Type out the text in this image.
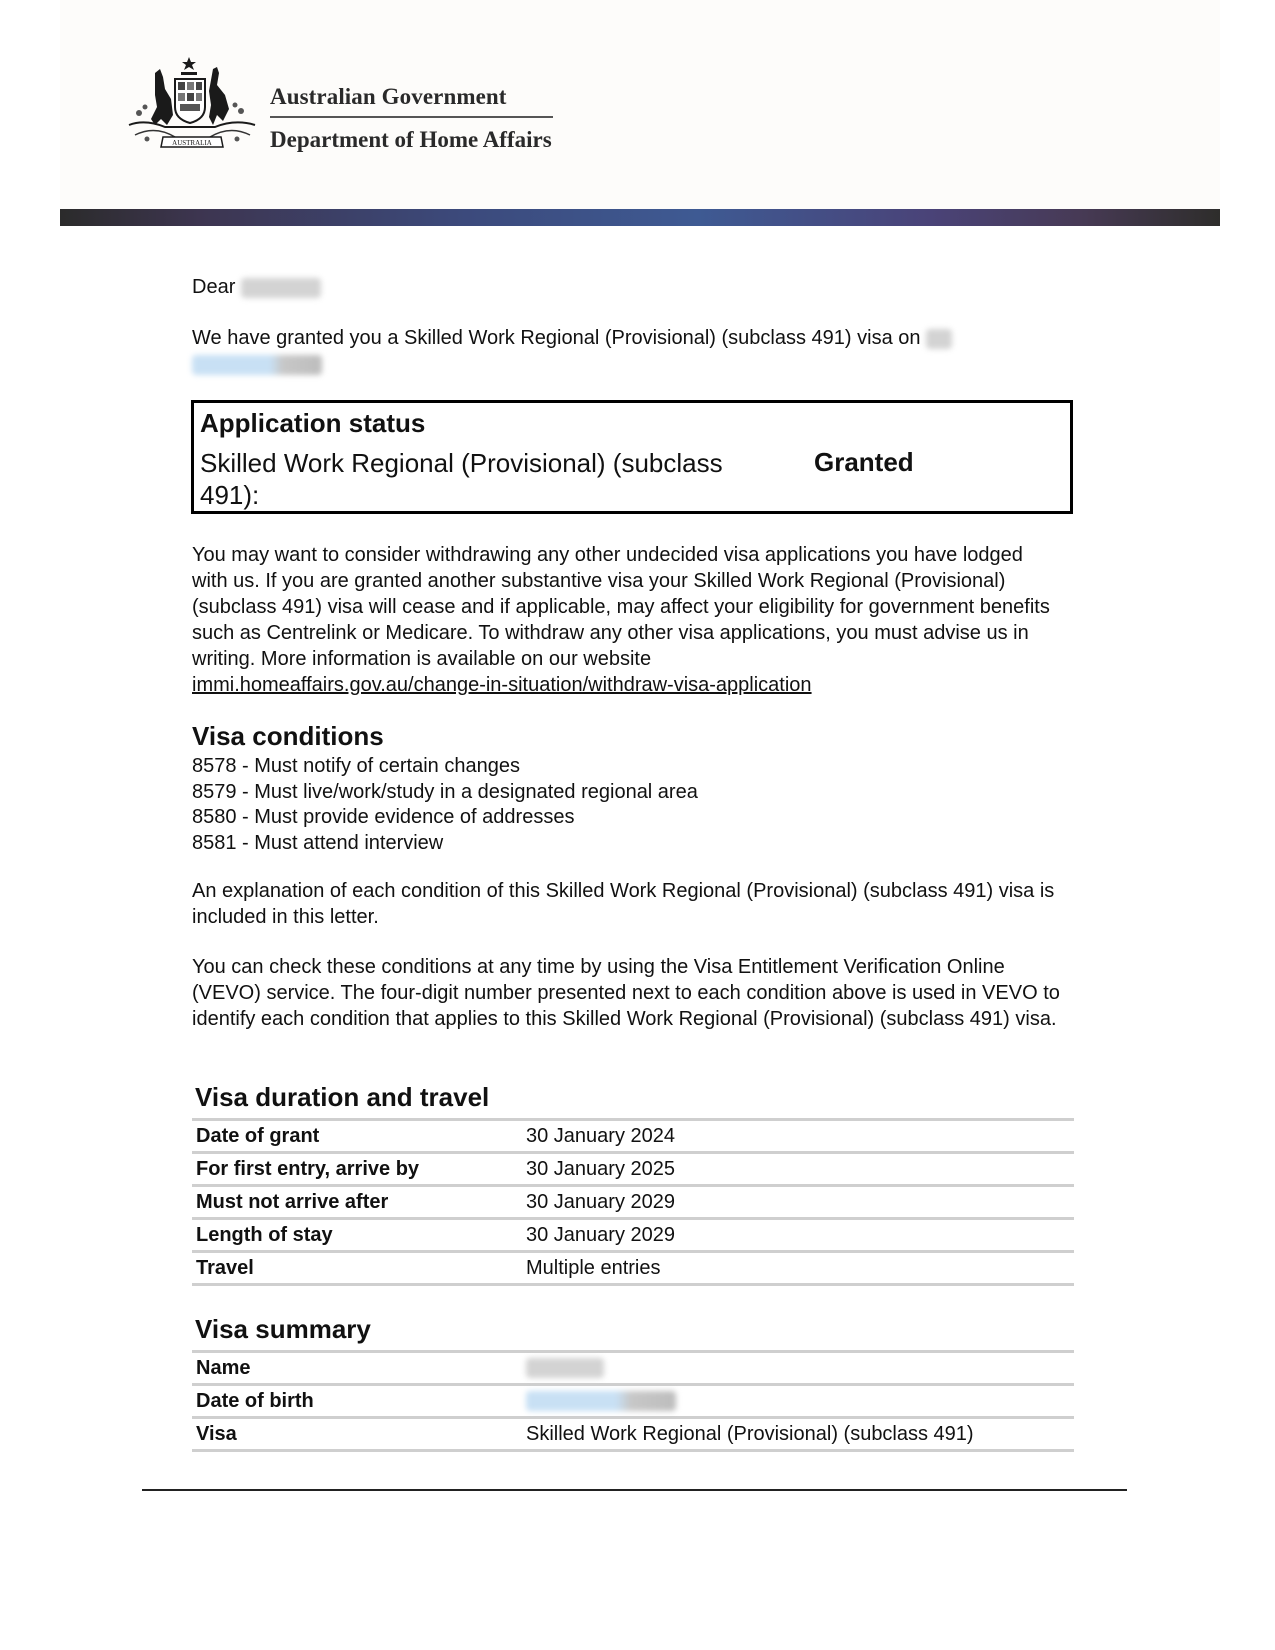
AUSTRALIA
Australian Government
Department of Home Affairs
Dear
We have granted you a Skilled Work Regional (Provisional) (subclass 491) visa on

Application status
Skilled Work Regional (Provisional) (subclass 491):
Granted
You may want to consider withdrawing any other undecided visa applications you have lodged with us. If you are granted another substantive visa your Skilled Work Regional (Provisional) (subclass 491) visa will cease and if applicable, may affect your eligibility for government benefits such as Centrelink or Medicare. To withdraw any other visa applications, you must advise us in writing. More information is available on our website
immi.homeaffairs.gov.au/change-in-situation/withdraw-visa-application
Visa conditions
8578 - Must notify of certain changes
8579 - Must live/work/study in a designated regional area
8580 - Must provide evidence of addresses
8581 - Must attend interview
An explanation of each condition of this Skilled Work Regional (Provisional) (subclass 491) visa is included in this letter.
You can check these conditions at any time by using the Visa Entitlement Verification Online (VEVO) service. The four-digit number presented next to each condition above is used in VEVO to identify each condition that applies to this Skilled Work Regional (Provisional) (subclass 491) visa.
Visa duration and travel
Date of grant	30 January 2024
For first entry, arrive by	30 January 2025
Must not arrive after	30 January 2029
Length of stay	30 January 2029
Travel	Multiple entries
Visa summary
Name	
Date of birth	
Visa	Skilled Work Regional (Provisional) (subclass 491)
